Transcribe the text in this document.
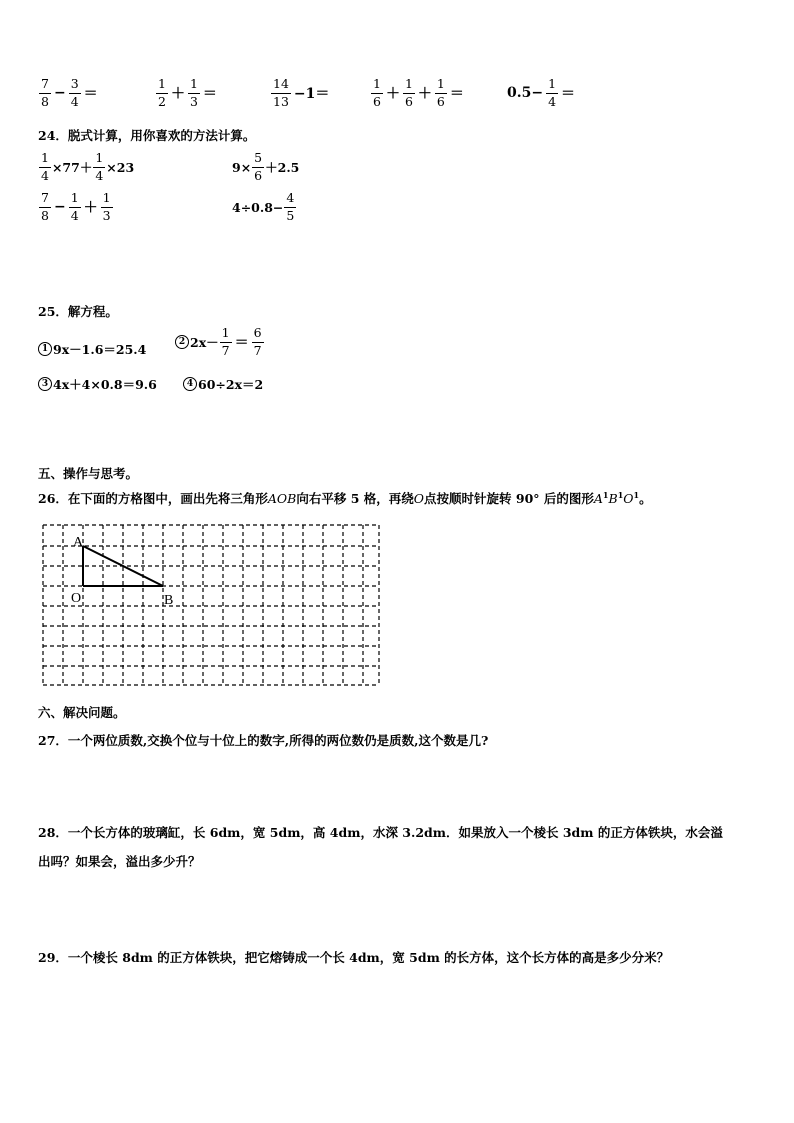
$\frac{7}{8} - \frac{3}{4}$ ＝	$\frac{1}{2} + \frac{1}{3}$ ＝	$\frac{14}{13} -1=$	$\frac{1}{6} + \frac{1}{6} + \frac{1}{6}$ ＝	$0.5- \frac{1}{4}$ ＝
24．脱式计算，用你喜欢的方法计算。
$\frac{1}{4} \times 77+ \frac{1}{4} \times 23$	$9\times \frac{5}{6} +2.5$
$\frac{7}{8} - \frac{1}{4} + \frac{1}{3}$	$4\div 0.8- \frac{4}{5}$
25．解方程。
1 9x－1.6＝25.4	2 $2x- \frac{1}{7} = \frac{6}{7}$
3 4x＋4×0.8＝9.6	4 60÷2x＝2
五、操作与思考。
26．在下面的方格图中，画出先将三角形AOB向右平移 5 格，再绕O点按顺时针旋转 90° 后的图形$A^1B^1O^1$。
A
O	B
六、解决问题。
27．一个两位质数,交换个位与十位上的数字,所得的两位数仍是质数,这个数是几?
28．一个长方体的玻璃缸，长 6dm，宽 5dm，高 4dm，水深 3.2dm．如果放入一个棱长 3dm 的正方体铁块，水会溢
出吗？如果会，溢出多少升？
29．一个棱长 8dm 的正方体铁块，把它熔铸成一个长 4dm，宽 5dm 的长方体，这个长方体的高是多少分米？
